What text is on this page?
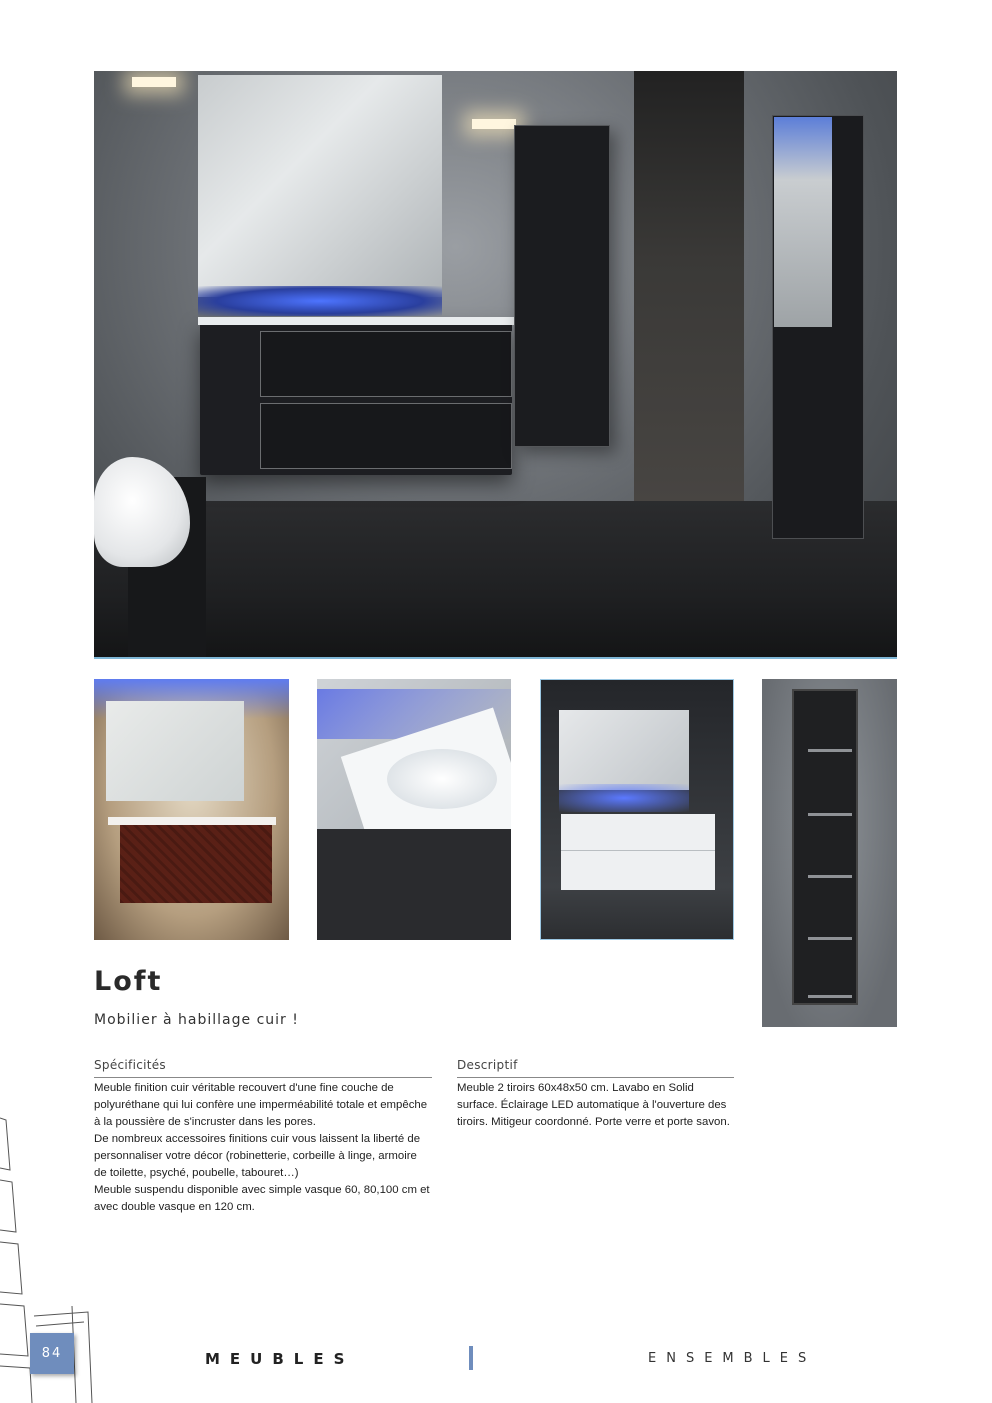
Loft
Mobilier à habillage cuir !
Spécificités
Meuble finition cuir véritable recouvert d'une fine couche de polyuréthane qui lui confère une imperméabilité totale et empêche à la poussière de s'incruster dans les pores.
De nombreux accessoires finitions cuir vous laissent la liberté de personnaliser votre décor (robinetterie, corbeille à linge, armoire de toilette, psyché, poubelle, tabouret…)
Meuble suspendu disponible avec simple vasque 60, 80,100 cm et avec double vasque en 120 cm.
Descriptif
Meuble 2 tiroirs 60x48x50 cm. Lavabo en Solid surface. Éclairage LED automatique à l'ouverture des tiroirs. Mitigeur coordonné. Porte verre et porte savon.
84	MEUBLES	ENSEMBLES
